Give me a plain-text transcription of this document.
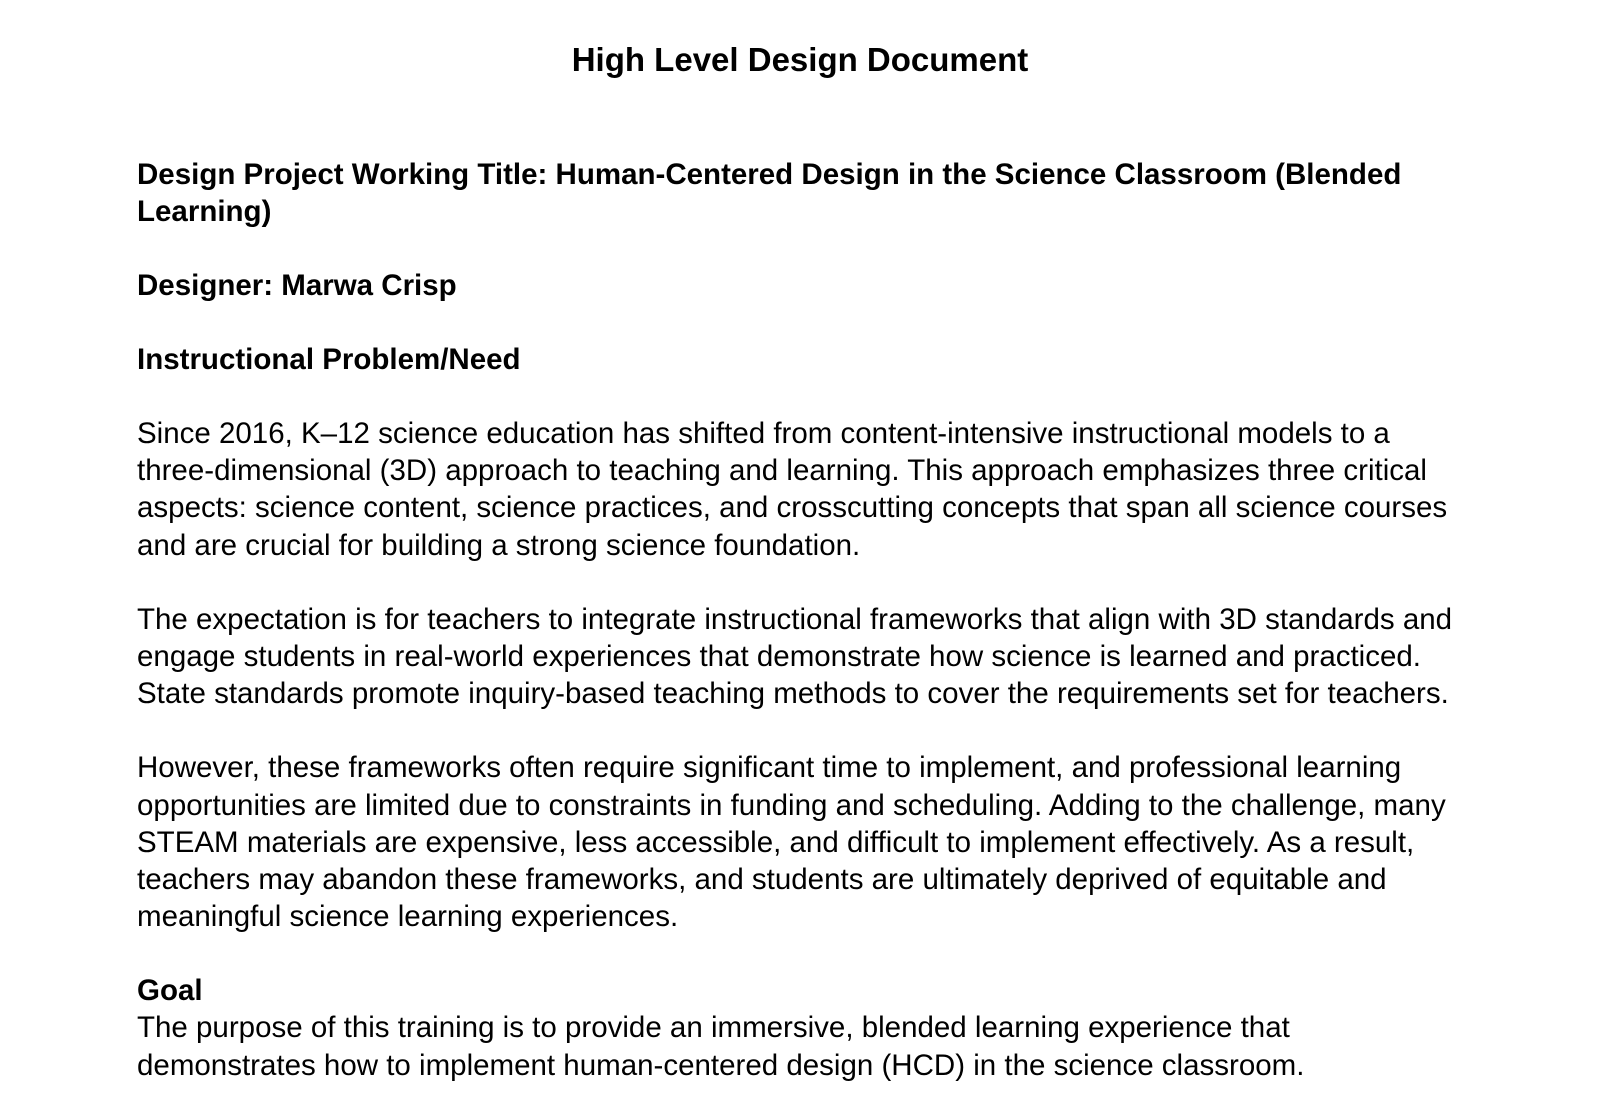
High Level Design Document

Design Project Working Title: Human-Centered Design in the Science Classroom (Blended Learning)

Designer: Marwa Crisp

Instructional Problem/Need

Since 2016, K–12 science education has shifted from content-intensive instructional models to a three-dimensional (3D) approach to teaching and learning. This approach emphasizes three critical aspects: science content, science practices, and crosscutting concepts that span all science courses and are crucial for building a strong science foundation.

The expectation is for teachers to integrate instructional frameworks that align with 3D standards and engage students in real-world experiences that demonstrate how science is learned and practiced. State standards promote inquiry-based teaching methods to cover the requirements set for teachers.

However, these frameworks often require significant time to implement, and professional learning opportunities are limited due to constraints in funding and scheduling. Adding to the challenge, many STEAM materials are expensive, less accessible, and difficult to implement effectively. As a result, teachers may abandon these frameworks, and students are ultimately deprived of equitable and meaningful science learning experiences.

Goal

The purpose of this training is to provide an immersive, blended learning experience that demonstrates how to implement human-centered design (HCD) in the science classroom.
